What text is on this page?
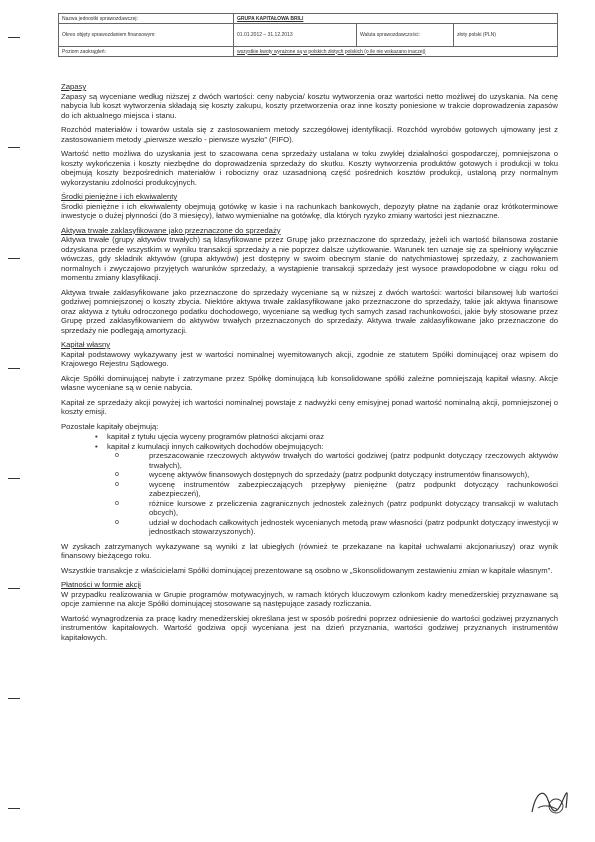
Nazwa jednostki sprawozdawczej:	GRUPA KAPITAŁOWA BRILI		
Okres objęty sprawozdaniem finansowym:	01.01.2012 – 31.12.2013	Waluta sprawozdawczości:	złoty polski (PLN)
Poziom zaokrągleń:	wszystkie kwoty wyrażone są w polskich złotych polskich (o ile nie wskazano inaczej)		

Zapasy

Zapasy są wyceniane według niższej z dwóch wartości: ceny nabycia/ kosztu wytworzenia oraz wartości netto możliwej do uzyskania. Na cenę nabycia lub koszt wytworzenia składają się koszty zakupu, koszty przetworzenia oraz inne koszty poniesione w trakcie doprowadzenia zapasów do ich aktualnego miejsca i stanu.

Rozchód materiałów i towarów ustala się z zastosowaniem metody szczegółowej identyfikacji. Rozchód wyrobów gotowych ujmowany jest z zastosowaniem metody „pierwsze weszło - pierwsze wyszło” (FIFO).

Wartość netto możliwa do uzyskania jest to szacowana cena sprzedaży ustalana w toku zwykłej działalności gospodarczej, pomniejszona o koszty wykończenia i koszty niezbędne do doprowadzenia sprzedaży do skutku. Koszty wytworzenia produktów gotowych i produkcji w toku obejmują koszty bezpośrednich materiałów i robocizny oraz uzasadnioną część pośrednich kosztów produkcji, ustaloną przy normalnym wykorzystaniu zdolności produkcyjnych.

Środki pieniężne i ich ekwiwalenty

Środki pieniężne i ich ekwiwalenty obejmują gotówkę w kasie i na rachunkach bankowych, depozyty płatne na żądanie oraz krótkoterminowe inwestycje o dużej płynności (do 3 miesięcy), łatwo wymienialne na gotówkę, dla których ryzyko zmiany wartości jest nieznaczne.

Aktywa trwałe zaklasyfikowane jako przeznaczone do sprzedaży

Aktywa trwałe (grupy aktywów trwałych) są klasyfikowane przez Grupę jako przeznaczone do sprzedaży, jeżeli ich wartość bilansowa zostanie odzyskana przede wszystkim w wyniku transakcji sprzedaży a nie poprzez dalsze użytkowanie. Warunek ten uznaje się za spełniony wyłącznie wówczas, gdy składnik aktywów (grupa aktywów) jest dostępny w swoim obecnym stanie do natychmiastowej sprzedaży, z zachowaniem normalnych i zwyczajowo przyjętych warunków sprzedaży, a wystąpienie transakcji sprzedaży jest wysoce prawdopodobne w ciągu roku od momentu zmiany klasyfikacji.

Aktywa trwałe zaklasyfikowane jako przeznaczone do sprzedaży wyceniane są w niższej z dwóch wartości: wartości bilansowej lub wartości godziwej pomniejszonej o koszty zbycia. Niektóre aktywa trwałe zaklasyfikowane jako przeznaczone do sprzedaży, takie jak aktywa finansowe oraz aktywa z tytułu odroczonego podatku dochodowego, wyceniane są według tych samych zasad rachunkowości, jakie były stosowane przez Grupę przed zaklasyfikowaniem do aktywów trwałych przeznaczonych do sprzedaży. Aktywa trwałe zaklasyfikowane jako przeznaczone do sprzedaży nie podlegają amortyzacji.

Kapitał własny

Kapitał podstawowy wykazywany jest w wartości nominalnej wyemitowanych akcji, zgodnie ze statutem Spółki dominującej oraz wpisem do Krajowego Rejestru Sądowego.

Akcje Spółki dominującej nabyte i zatrzymane przez Spółkę dominującą lub konsolidowane spółki zależne pomniejszają kapitał własny. Akcje własne wyceniane są w cenie nabycia.

Kapitał ze sprzedaży akcji powyżej ich wartości nominalnej powstaje z nadwyżki ceny emisyjnej ponad wartość nominalną akcji, pomniejszonej o koszty emisji.

Pozostałe kapitały obejmują:

• kapitał z tytułu ujęcia wyceny programów płatności akcjami oraz
• kapitał z kumulacji innych całkowitych dochodów obejmujących:
o przeszacowanie rzeczowych aktywów trwałych do wartości godziwej (patrz podpunkt dotyczący rzeczowych aktywów trwałych),
o wycenę aktywów finansowych dostępnych do sprzedaży (patrz podpunkt dotyczący instrumentów finansowych),
o wycenę instrumentów zabezpieczających przepływy pieniężne (patrz podpunkt dotyczący rachunkowości zabezpieczeń),
o różnice kursowe z przeliczenia zagranicznych jednostek zależnych (patrz podpunkt dotyczący transakcji w walutach obcych),
o udział w dochodach całkowitych jednostek wycenianych metodą praw własności (patrz podpunkt dotyczący inwestycji w jednostkach stowarzyszonych).

W zyskach zatrzymanych wykazywane są wyniki z lat ubiegłych (również te przekazane na kapitał uchwalami akcjonariuszy) oraz wynik finansowy bieżącego roku.

Wszystkie transakcje z właścicielami Spółki dominującej prezentowane są osobno w „Skonsolidowanym zestawieniu zmian w kapitale własnym”.

Płatności w formie akcji

W przypadku realizowania w Grupie programów motywacyjnych, w ramach których kluczowym członkom kadry menedżerskiej przyznawane są opcje zamienne na akcje Spółki dominującej stosowane są następujące zasady rozliczania.

Wartość wynagrodzenia za pracę kadry menedżerskiej określana jest w sposób pośredni poprzez odniesienie do wartości godziwej przyznanych instrumentów kapitałowych. Wartość godziwa opcji wyceniana jest na dzień przyznania, wartości godziwej przyznanych instrumentów kapitałowych.
